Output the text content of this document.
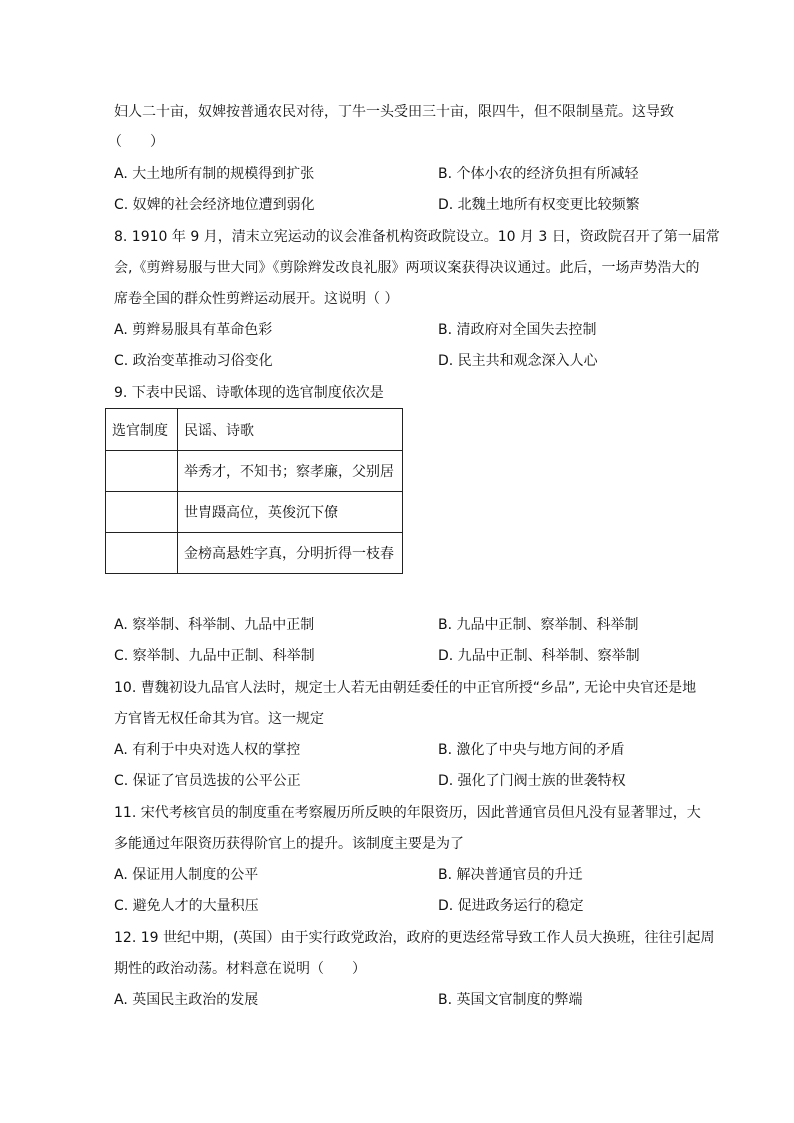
妇人二十亩，奴婢按普通农民对待，丁牛一头受田三十亩，限四牛，但不限制垦荒。这导致
（　　）
A. 大土地所有制的规模得到扩张	B. 个体小农的经济负担有所减轻
C. 奴婢的社会经济地位遭到弱化	D. 北魏土地所有权变更比较频繁
8. 1910 年 9 月，清末立宪运动的议会准备机构资政院设立。10 月 3 日，资政院召开了第一届常
会,《剪辫易服与世大同》《剪除辫发改良礼服》两项议案获得决议通过。此后，一场声势浩大的
席卷全国的群众性剪辫运动展开。这说明（ ）
A. 剪辫易服具有革命色彩	B. 清政府对全国失去控制
C. 政治变革推动习俗变化	D. 民主共和观念深入人心
9. 下表中民谣、诗歌体现的选官制度依次是
选官制度	民谣、诗歌
	举秀才，不知书；察孝廉，父别居
	世胄蹑高位，英俊沉下僚
	金榜高悬姓字真，分明折得一枝春
A. 察举制、科举制、九品中正制	B. 九品中正制、察举制、科举制
C. 察举制、九品中正制、科举制	D. 九品中正制、科举制、察举制
10. 曹魏初设九品官人法时，规定士人若无由朝廷委任的中正官所授“乡品”, 无论中央官还是地
方官皆无权任命其为官。这一规定
A. 有利于中央对选人权的掌控	B. 激化了中央与地方间的矛盾
C. 保证了官员选拔的公平公正	D. 强化了门阀士族的世袭特权
11. 宋代考核官员的制度重在考察履历所反映的年限资历，因此普通官员但凡没有显著罪过，大
多能通过年限资历获得阶官上的提升。该制度主要是为了
A. 保证用人制度的公平	B. 解决普通官员的升迁
C. 避免人才的大量积压	D. 促进政务运行的稳定
12. 19 世纪中期，(英国）由于实行政党政治，政府的更迭经常导致工作人员大换班，往往引起周
期性的政治动荡。材料意在说明（　　）
A. 英国民主政治的发展	B. 英国文官制度的弊端
